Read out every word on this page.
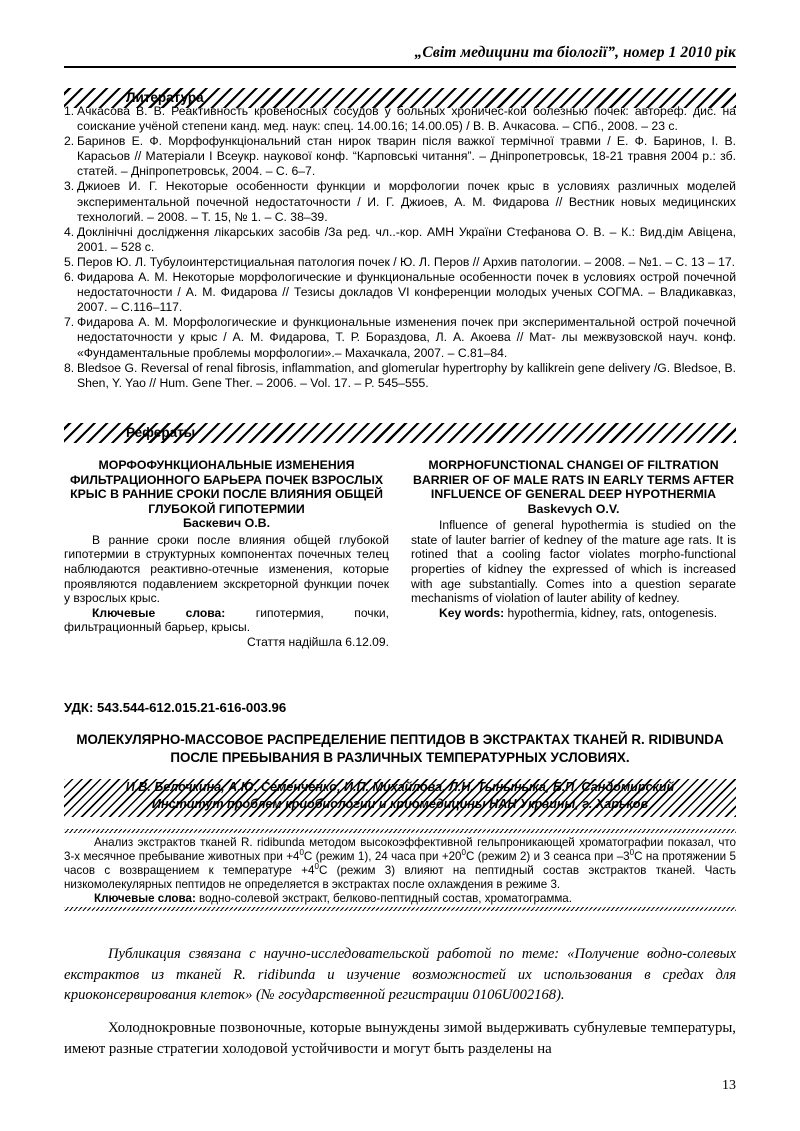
„Світ медицини та біології”, номер 1 2010 рік
Литература
1. Ачкасова В. В. Реактивность кровеносных сосудов у больных хроничес-кой болезнью почек: автореф. дис. на соискание учёной степени канд. мед. наук: спец. 14.00.16; 14.00.05) / В. В. Ачкасова. – СПб., 2008. – 23 с.
2. Баринов Е. Ф. Морфофункціональний стан нирок тварин після важкої термічної травми / Е. Ф. Баринов, І. В. Карасьов // Матеріали I Всеукр. наукової конф. “Карповські читання”. – Дніпропетровськ, 18-21 травня 2004 р.: зб. статей. – Дніпропетровськ, 2004. – С. 6–7.
3. Джиоев И. Г. Некоторые особенности функции и морфологии почек крыс в условиях различных моделей экспериментальной почечной недостаточности / И. Г. Джиоев, А. М. Фидарова // Вестник новых медицинских технологий. – 2008. – Т. 15, № 1. – С. 38–39.
4. Доклінічні дослідження лікарських засобів /За ред. чл..-кор. АМН України Стефанова О. В. – К.: Вид.дім Авіцена, 2001. – 528 с.
5. Перов Ю. Л. Тубулоинтерстициальная патология почек / Ю. Л. Перов // Архив патологии. – 2008. – №1. – С. 13 – 17.
6. Фидарова А. М. Некоторые морфологические и функциональные особенности почек в условиях острой почечной недостаточности / А. М. Фидарова // Тезисы докладов VI конференции молодых ученых СОГМА. – Владикавказ, 2007. – С.116–117.
7. Фидарова А. М. Морфологические и функциональные изменения почек при экспериментальной острой почечной недостаточности у крыс / А. М. Фидарова, Т. Р. Бораздова, Л. А. Акоева // Мат- лы межвузовской науч. конф. «Фундаментальные проблемы морфологии».– Махачкала, 2007. – С.81–84.
8. Bledsoe G. Reversal of renal fibrosis, inflammation, and glomerular hypertrophy by kallikrein gene delivery /G. Bledsoe, B. Shen, Y. Yao // Hum. Gene Ther. – 2006. – Vol. 17. – P. 545–555.
Рефераты
МОРФОФУНКЦИОНАЛЬНЫЕ ИЗМЕНЕНИЯ ФИЛЬТРАЦИОННОГО БАРЬЕРА ПОЧЕК ВЗРОСЛЫХ КРЫС В РАННИЕ СРОКИ ПОСЛЕ ВЛИЯНИЯ ОБЩЕЙ ГЛУБОКОЙ ГИПОТЕРМИИ
Баскевич О.В.
В ранние сроки после влияния общей глубокой гипотермии в структурных компонентах почечных телец наблюдаются реактивно-отечные изменения, которые проявляются подавлением экскреторной функции почек у взрослых крыс.
Ключевые слова: гипотермия, почки, фильтрационный барьер, крысы.
Стаття надійшла 6.12.09.
MORPHOFUNCTIONAL CHANGEI OF FILTRATION BARRIER OF OF MALE RATS IN EARLY TERMS AFTER INFLUENCE OF GENERAL DEEP HYPOTHERMIA
Baskevych O.V.
Influence of general hypothermia is studied on the state of lauter barrier of kedney of the mature age rats. It is rotined that a cooling factor violates morpho-functional properties of kidney the expressed of which is increased with age substantially. Comes into a question separate mechanisms of violation of lauter ability of kedney.
Key words: hypothermia, kidney, rats, ontogenesis.
УДК: 543.544-612.015.21-616-003.96
МОЛЕКУЛЯРНО-МАССОВОЕ РАСПРЕДЕЛЕНИЕ ПЕПТИДОВ В ЭКСТРАКТАХ ТКАНЕЙ R. RIDIBUNDA ПОСЛЕ ПРЕБЫВАНИЯ В РАЗЛИЧНЫХ ТЕМПЕРАТУРНЫХ УСЛОВИЯХ.
И.В. Белочкина, А.Ю. Семенченко, И.П. Михайлова, Л.Н. Тыныныка, Б.П. Сандомирский
Институт проблем криобиологии и криомедицины НАН Украины, г. Харьков

Анализ экстрактов тканей R. ridibunda методом высокоэффективной гельпроникающей хроматографии показал, что 3-х месячное пребывание животных при $+4^0С$ (режим 1), 24 часа при $+20^0С$ (режим 2) и 3 сеанса при $-3^0С$ на протяжении 5 часов с возвращением к температуре $+4^0С$ (режим 3) влияют на пептидный состав экстрактов тканей. Часть низкомолекулярных пептидов не определяется в экстрактах после охлаждения в режиме 3.

Ключевые слова: водно-солевой экстракт, белково-пептидный состав, хроматограмма.

Публикация сзвязана с научно-исследовательской работой по теме: «Получение водно-солевых екстрактов из тканей R. ridibunda и изучение возможностей их использования в средах для криоконсервирования клеток» (№ государственной регистрации 0106U002168).
Холоднокровные позвоночные, которые вынуждены зимой выдерживать субнулевые температуры, имеют разные стратегии холодовой устойчивости и могут быть разделены на
13
